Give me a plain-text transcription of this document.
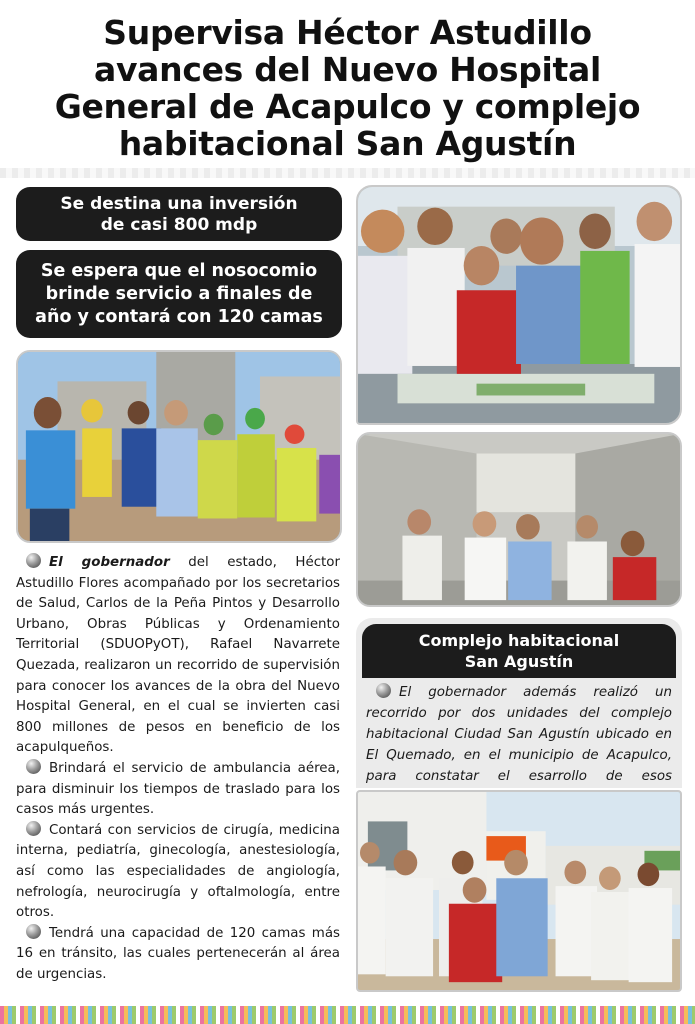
Supervisa Héctor Astudillo
avances del Nuevo Hospital
General de Acapulco y complejo
habitacional San Agustín
Se destina una inversión
de casi 800 mdp
Se espera que el nosocomio
brinde servicio a finales de
año y contará con 120 camas

El gobernador del estado, Héctor Astudillo Flores acompañado por los secretarios de Salud, Carlos de la Peña Pintos y Desarrollo Urbano, Obras Públicas y Ordenamiento Territorial (SDUOPyOT), Rafael Navarrete Quezada, realizaron un recorrido de supervisión para conocer los avances de la obra del Nuevo Hospital General, en el cual se invierten casi 800 millones de pesos en beneficio de los acapulqueños.

Brindará el servicio de ambulancia aérea, para disminuir los tiempos de traslado para los casos más urgentes.

Contará con servicios de cirugía, medicina interna, pediatría, ginecología, anestesiología, así como las especialidades de angiología, nefrología, neurocirugía y oftalmología, entre otros.

Tendrá una capacidad de 120 camas más 16 en tránsito, las cuales pertenecerán al área de urgencias.

Complejo habitacional
San Agustín

El gobernador además realizó un recorrido por dos unidades del complejo habitacional Ciudad San Agustín ubicado en El Quemado, en el municipio de Acapulco, para constatar el esarrollo de esos
